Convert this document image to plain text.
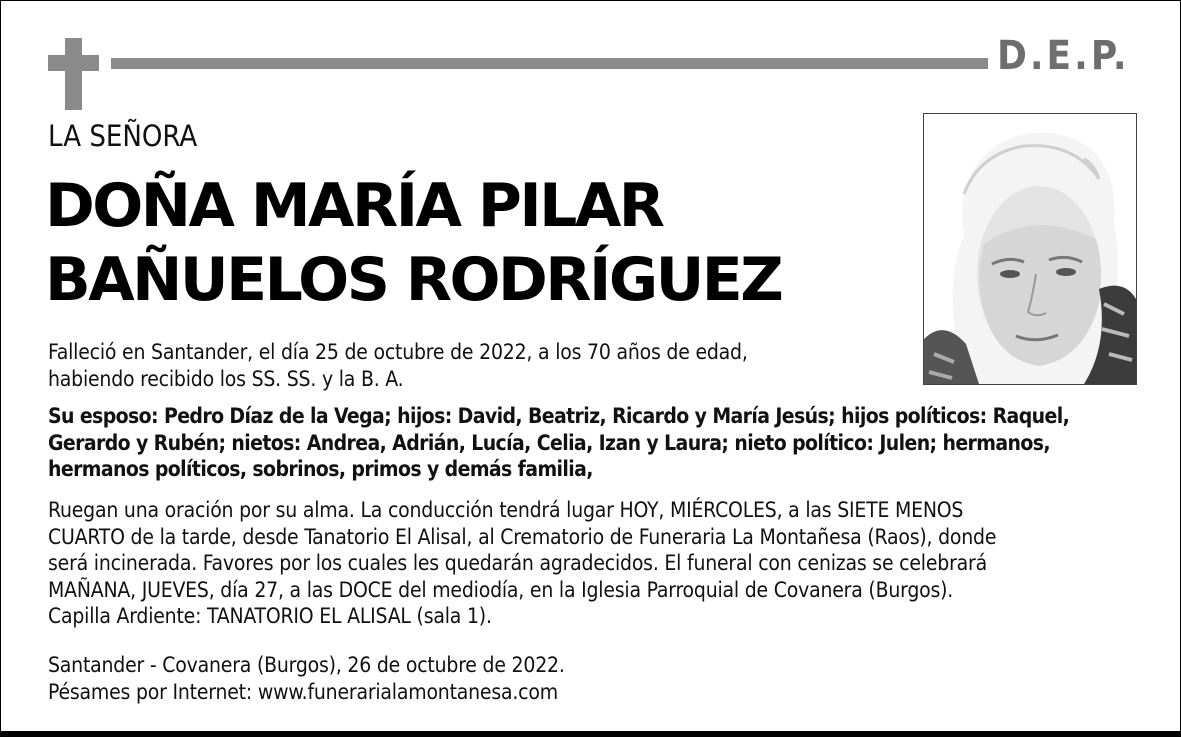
D.E.P.
LA SEÑORA
DOÑA MARÍA PILAR
BAÑUELOS RODRÍGUEZ
Falleció en Santander, el día 25 de octubre de 2022, a los 70 años de edad,
habiendo recibido los SS. SS. y la B. A.
Su esposo: Pedro Díaz de la Vega; hijos: David, Beatriz, Ricardo y María Jesús; hijos políticos: Raquel,
Gerardo y Rubén; nietos: Andrea, Adrián, Lucía, Celia, Izan y Laura; nieto político: Julen; hermanos,
hermanos políticos, sobrinos, primos y demás familia,
Ruegan una oración por su alma. La conducción tendrá lugar HOY, MIÉRCOLES, a las SIETE MENOS
CUARTO de la tarde, desde Tanatorio El Alisal, al Crematorio de Funeraria La Montañesa (Raos), donde
será incinerada. Favores por los cuales les quedarán agradecidos. El funeral con cenizas se celebrará
MAÑANA, JUEVES, día 27, a las DOCE del mediodía, en la Iglesia Parroquial de Covanera (Burgos).
Capilla Ardiente: TANATORIO EL ALISAL (sala 1).
Santander - Covanera (Burgos), 26 de octubre de 2022.
Pésames por Internet: www.funerarialamontanesa.com
